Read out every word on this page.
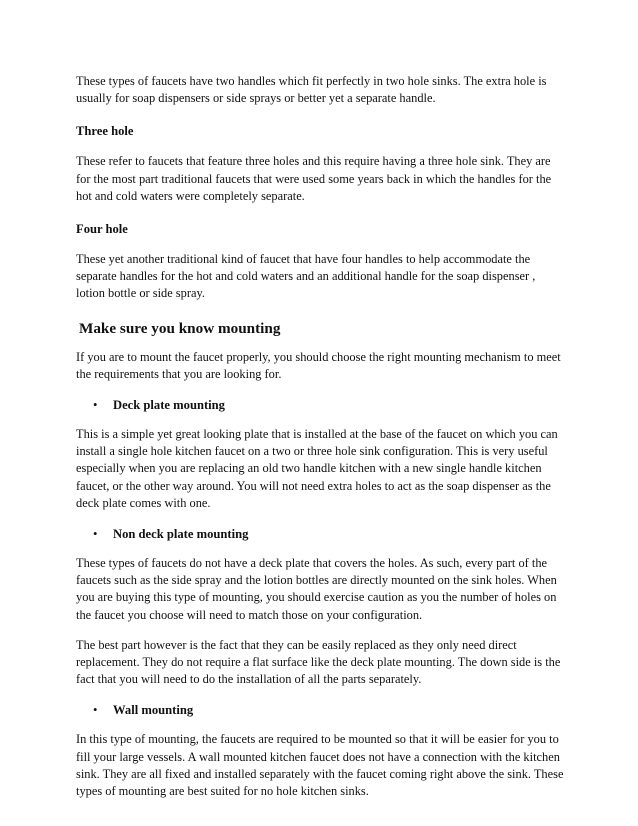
These types of faucets have two handles which fit perfectly in two hole sinks. The extra hole is usually for soap dispensers or side sprays or better yet a separate handle.

Three hole

These refer to faucets that feature three holes and this require having a three hole sink. They are for the most part traditional faucets that were used some years back in which the handles for the hot and cold waters were completely separate.

Four hole

These yet another traditional kind of faucet that have four handles to help accommodate the separate handles for the hot and cold waters and an additional handle for the soap dispenser , lotion bottle or side spray.

Make sure you know mounting

If you are to mount the faucet properly, you should choose the right mounting mechanism to meet the requirements that you are looking for.

• Deck plate mounting

This is a simple yet great looking plate that is installed at the base of the faucet on which you can install a single hole kitchen faucet on a two or three hole sink configuration. This is very useful especially when you are replacing an old two handle kitchen with a new single handle kitchen faucet, or the other way around. You will not need extra holes to act as the soap dispenser as the deck plate comes with one.

• Non deck plate mounting

These types of faucets do not have a deck plate that covers the holes. As such, every part of the faucets such as the side spray and the lotion bottles are directly mounted on the sink holes. When you are buying this type of mounting, you should exercise caution as you the number of holes on the faucet you choose will need to match those on your configuration.

The best part however is the fact that they can be easily replaced as they only need direct replacement. They do not require a flat surface like the deck plate mounting. The down side is the fact that you will need to do the installation of all the parts separately.

• Wall mounting

In this type of mounting, the faucets are required to be mounted so that it will be easier for you to fill your large vessels. A wall mounted kitchen faucet does not have a connection with the kitchen sink. They are all fixed and installed separately with the faucet coming right above the sink. These types of mounting are best suited for no hole kitchen sinks.
